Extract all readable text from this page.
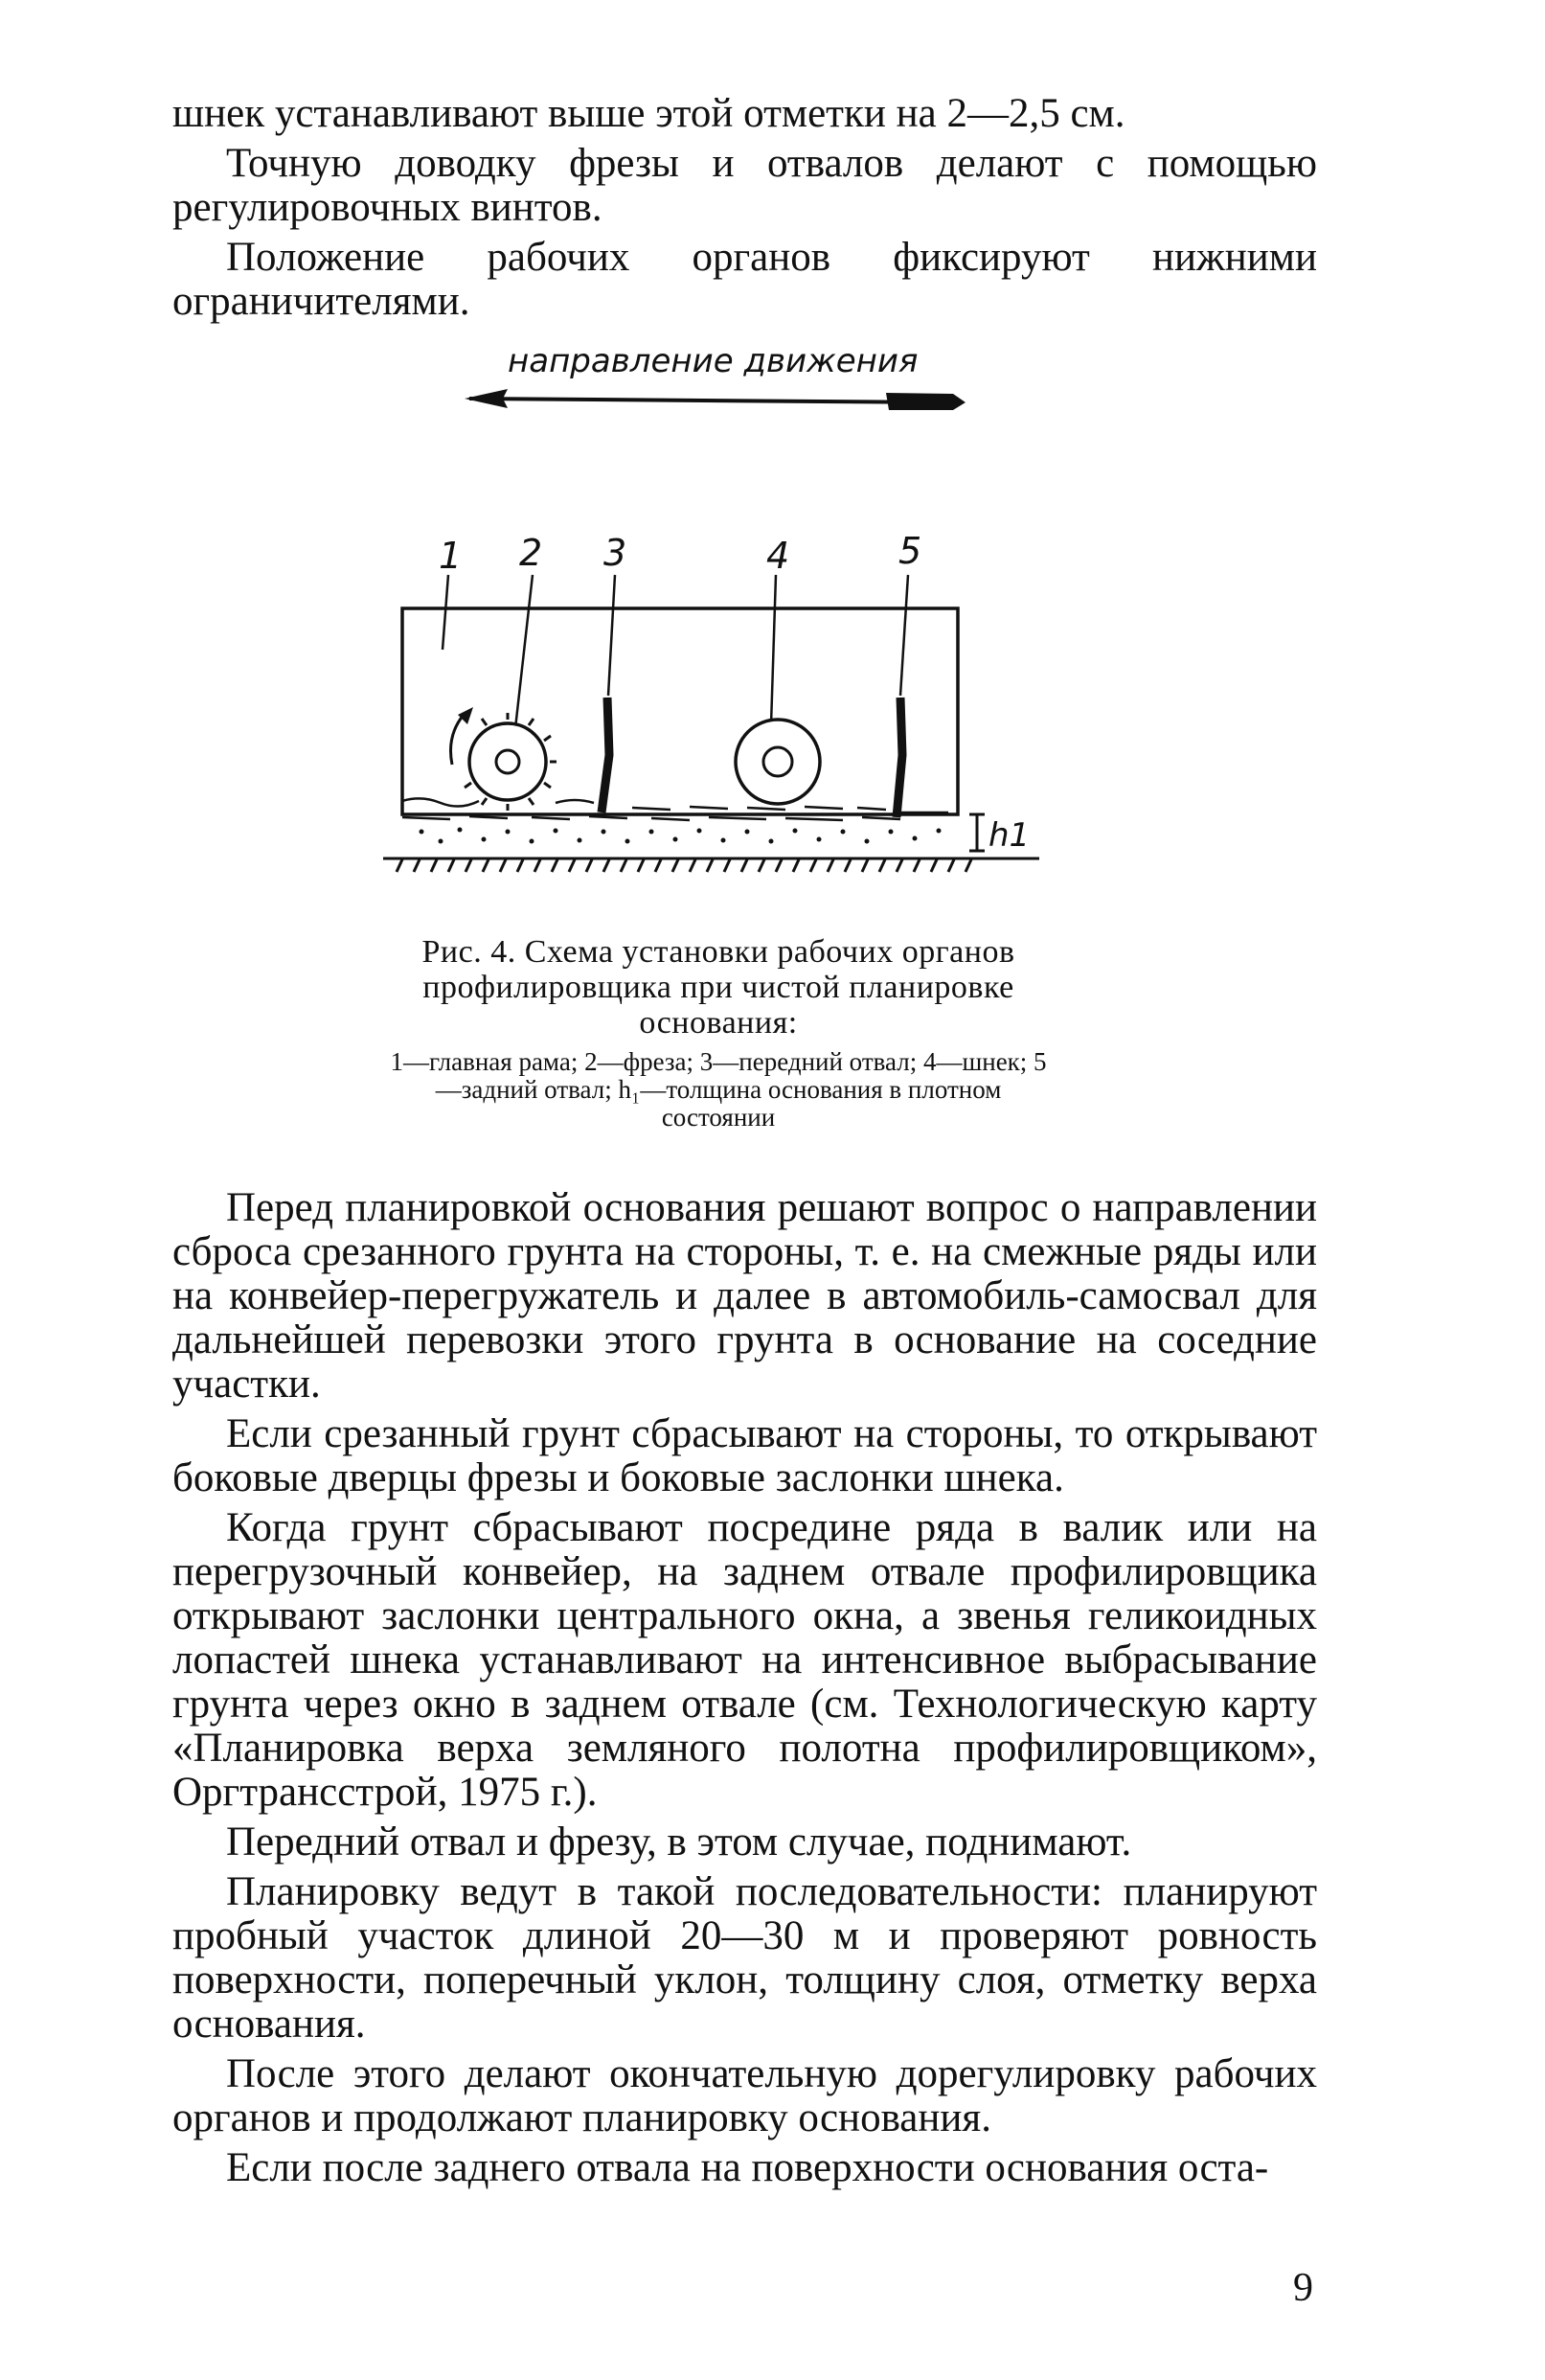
шнек устанавливают выше этой отметки на 2—2,5 см.

Точную доводку фрезы и отвалов делают с помощью регулировочных винтов.

Положение рабочих органов фиксируют нижними ограничителями.

направление движения
1 2 3	4	5
h1

Рис. 4. Схема установки рабочих органов профилировщика при чистой планировке основания:

1—главная рама; 2—фреза; 3—передний отвал; 4—шнек; 5—задний отвал; h₁—толщина основания в плотном состоянии

Перед планировкой основания решают вопрос о направлении сброса срезанного грунта на стороны, т. е. на смежные ряды или на конвейер-перегружатель и далее в автомобиль-самосвал для дальнейшей перевозки этого грунта в основание на соседние участки.

Если срезанный грунт сбрасывают на стороны, то открывают боковые дверцы фрезы и боковые заслонки шнека.

Когда грунт сбрасывают посредине ряда в валик или на перегрузочный конвейер, на заднем отвале профилировщика открывают заслонки центрального окна, а звенья геликоидных лопастей шнека устанавливают на интенсивное выбрасывание грунта через окно в заднем отвале (см. Технологическую карту «Планировка верха земляного полотна профилировщиком», Оргтрансстрой, 1975 г.).

Передний отвал и фрезу, в этом случае, поднимают.

Планировку ведут в такой последовательности: планируют пробный участок длиной 20—30 м и проверяют ровность поверхности, поперечный уклон, толщину слоя, отметку верха основания.

После этого делают окончательную дорегулировку рабочих органов и продолжают планировку основания.

Если после заднего отвала на поверхности основания оста-

9
